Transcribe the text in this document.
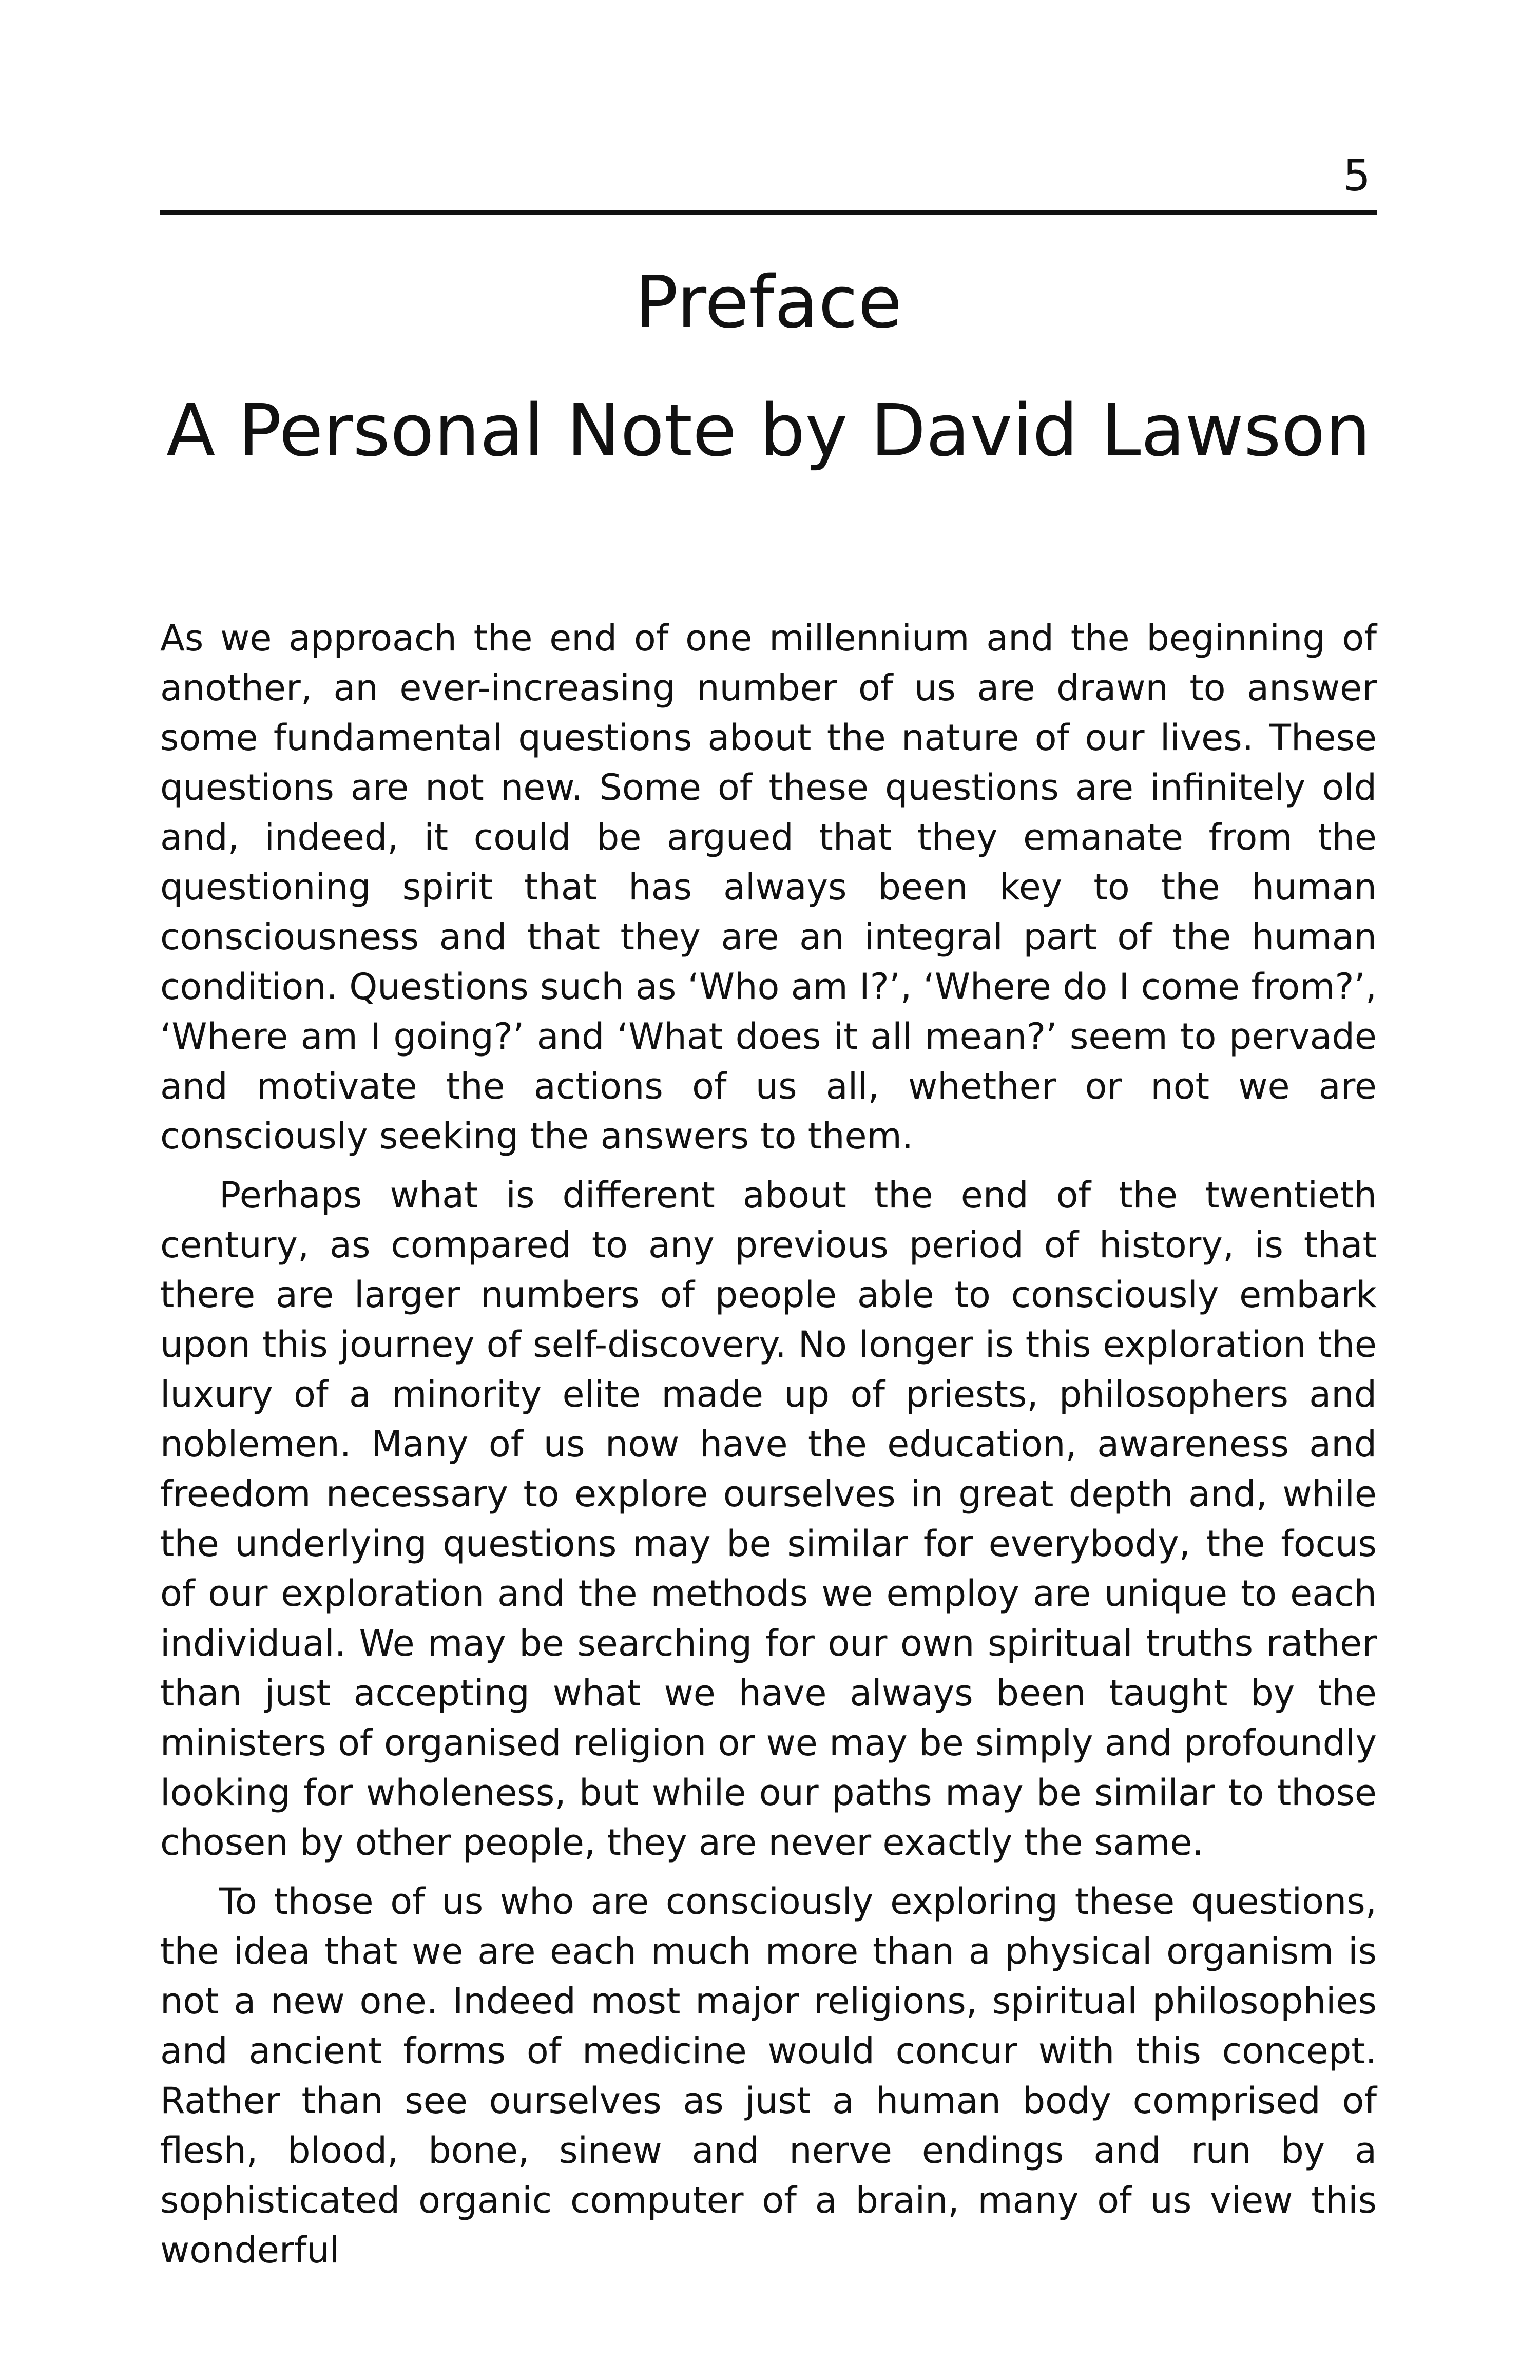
5
Preface
A Personal Note by David Lawson

As we approach the end of one millennium and the beginning of another, an ever-increasing number of us are drawn to answer some fundamental questions about the nature of our lives. These questions are not new. Some of these questions are infinitely old and, indeed, it could be argued that they emanate from the questioning spirit that has always been key to the human consciousness and that they are an integral part of the human condition. Questions such as ‘Who am I?’, ‘Where do I come from?’, ‘Where am I going?’ and ‘What does it all mean?’ seem to pervade and motivate the actions of us all, whether or not we are consciously seeking the answers to them.

Perhaps what is different about the end of the twentieth century, as compared to any previous period of history, is that there are larger numbers of people able to consciously embark upon this journey of self-discovery. No longer is this exploration the luxury of a minority elite made up of priests, philosophers and noblemen. Many of us now have the education, awareness and freedom necessary to explore ourselves in great depth and, while the underlying questions may be similar for everybody, the focus of our exploration and the methods we employ are unique to each individual. We may be searching for our own spiritual truths rather than just accepting what we have always been taught by the ministers of organised religion or we may be simply and profoundly looking for wholeness, but while our paths may be similar to those chosen by other people, they are never exactly the same.

To those of us who are consciously exploring these questions, the idea that we are each much more than a physical organism is not a new one. Indeed most major religions, spiritual philosophies and ancient forms of medicine would concur with this concept. Rather than see ourselves as just a human body comprised of flesh, blood, bone, sinew and nerve endings and run by a sophisticated organic computer of a brain, many of us view this wonderful
